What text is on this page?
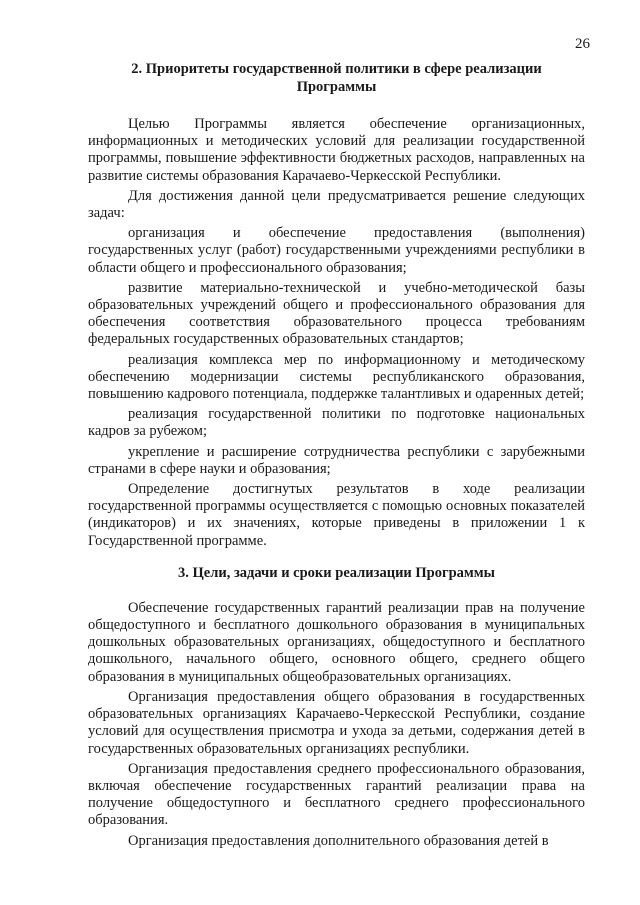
26

2. Приоритеты государственной политики в сфере реализации
Программы

Целью Программы является обеспечение организационных, информационных и методических условий для реализации государственной программы, повышение эффективности бюджетных расходов, направленных на развитие системы образования Карачаево-Черкесской Республики.

Для достижения данной цели предусматривается решение следующих задач:

организация и обеспечение предоставления (выполнения) государственных услуг (работ) государственными учреждениями республики в области общего и профессионального образования;

развитие материально-технической и учебно-методической базы образовательных учреждений общего и профессионального образования для обеспечения соответствия образовательного процесса требованиям федеральных государственных образовательных стандартов;

реализация комплекса мер по информационному и методическому обеспечению модернизации системы республиканского образования, повышению кадрового потенциала, поддержке талантливых и одаренных детей;

реализация государственной политики по подготовке национальных кадров за рубежом;

укрепление и расширение сотрудничества республики с зарубежными странами в сфере науки и образования;

Определение достигнутых результатов в ходе реализации государственной программы осуществляется с помощью основных показателей (индикаторов) и их значениях, которые приведены в приложении 1 к Государственной программе.

3. Цели, задачи и сроки реализации Программы

Обеспечение государственных гарантий реализации прав на получение общедоступного и бесплатного дошкольного образования в муниципальных дошкольных образовательных организациях, общедоступного и бесплатного дошкольного, начального общего, основного общего, среднего общего образования в муниципальных общеобразовательных организациях.

Организация предоставления общего образования в государственных образовательных организациях Карачаево-Черкесской Республики, создание условий для осуществления присмотра и ухода за детьми, содержания детей в государственных образовательных организациях республики.

Организация предоставления среднего профессионального образования, включая обеспечение государственных гарантий реализации права на получение общедоступного и бесплатного среднего профессионального образования.

Организация предоставления дополнительного образования детей в
